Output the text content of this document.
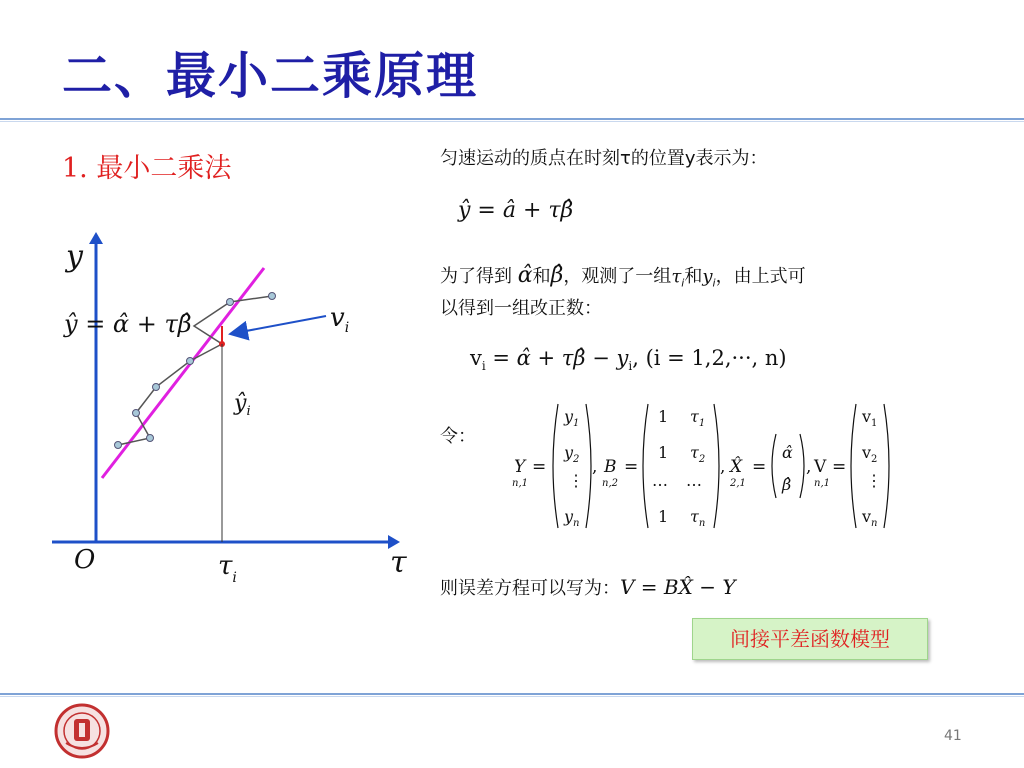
二、最小二乘原理
1. 最小二乘法
y
τ
O
$v_i$
ŷ = α̂ + τβ̂
$ŷ_i$
$\tau_i$
匀速运动的质点在时刻τ的位置y表示为：
ŷ = â + τβ̂
为了得到 α̂和β̂，观测了一组$\tau_i$和$y_i$，由上式可
以得到一组改正数：
$v_i$ = α̂ + τβ̂ − $y_i$, (i = 1,2,···, n)
令：
Y
n,1
=
$y_1$
$y_2$
⋮
$y_n$
, B
n,2
=
1 $\tau_1$
1 $\tau_2$
… …
1 $\tau_n$
, X̂
2,1
=
α̂
β̂
, V
n,1
=
$v_1$
$v_2$
⋮
$v_n$
则误差方程可以写为：V = BX̂ − Y
间接平差函数模型
41
